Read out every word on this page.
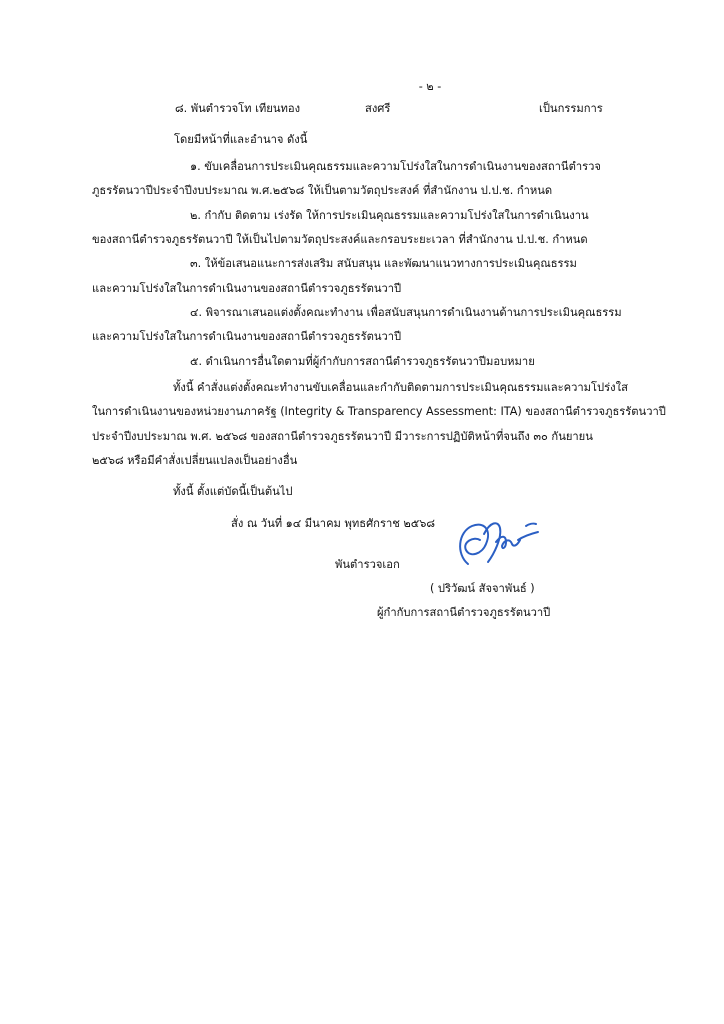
- ๒ -
๘. พันตำรวจโท เทียนทอง	สงศรี	เป็นกรรมการ
โดยมีหน้าที่และอำนาจ ดังนี้
๑. ขับเคลื่อนการประเมินคุณธรรมและความโปร่งใสในการดำเนินงานของสถานีตำรวจ
ภูธรรัตนวาปีประจำปีงบประมาณ พ.ศ.๒๕๖๘ ให้เป็นตามวัตถุประสงค์ ที่สำนักงาน ป.ป.ช. กำหนด
๒. กำกับ ติดตาม เร่งรัด ให้การประเมินคุณธรรมและความโปร่งใสในการดำเนินงาน
ของสถานีตำรวจภูธรรัตนวาปี ให้เป็นไปตามวัตถุประสงค์และกรอบระยะเวลา ที่สำนักงาน ป.ป.ช. กำหนด
๓. ให้ข้อเสนอแนะการส่งเสริม สนับสนุน และพัฒนาแนวทางการประเมินคุณธรรม
และความโปร่งใสในการดำเนินงานของสถานีตำรวจภูธรรัตนวาปี
๔. พิจารณาเสนอแต่งตั้งคณะทำงาน เพื่อสนับสนุนการดำเนินงานด้านการประเมินคุณธรรม
และความโปร่งใสในการดำเนินงานของสถานีตำรวจภูธรรัตนวาปี
๕. ดำเนินการอื่นใดตามที่ผู้กำกับการสถานีตำรวจภูธรรัตนวาปีมอบหมาย
ทั้งนี้ คำสั่งแต่งตั้งคณะทำงานขับเคลื่อนและกำกับติดตามการประเมินคุณธรรมและความโปร่งใส
ในการดำเนินงานของหน่วยงานภาครัฐ (Integrity & Transparency Assessment: ITA) ของสถานีตำรวจภูธรรัตนวาปี
ประจำปีงบประมาณ พ.ศ. ๒๕๖๘ ของสถานีตำรวจภูธรรัตนวาปี มีวาระการปฏิบัติหน้าที่จนถึง ๓๐ กันยายน
๒๕๖๘ หรือมีคำสั่งเปลี่ยนแปลงเป็นอย่างอื่น
ทั้งนี้ ตั้งแต่บัดนี้เป็นต้นไป
สั่ง ณ วันที่ ๑๔ มีนาคม พุทธศักราช ๒๕๖๘
พันตำรวจเอก
( ปริวัฒน์ สัจจาพันธ์ )
ผู้กำกับการสถานีตำรวจภูธรรัตนวาปี
